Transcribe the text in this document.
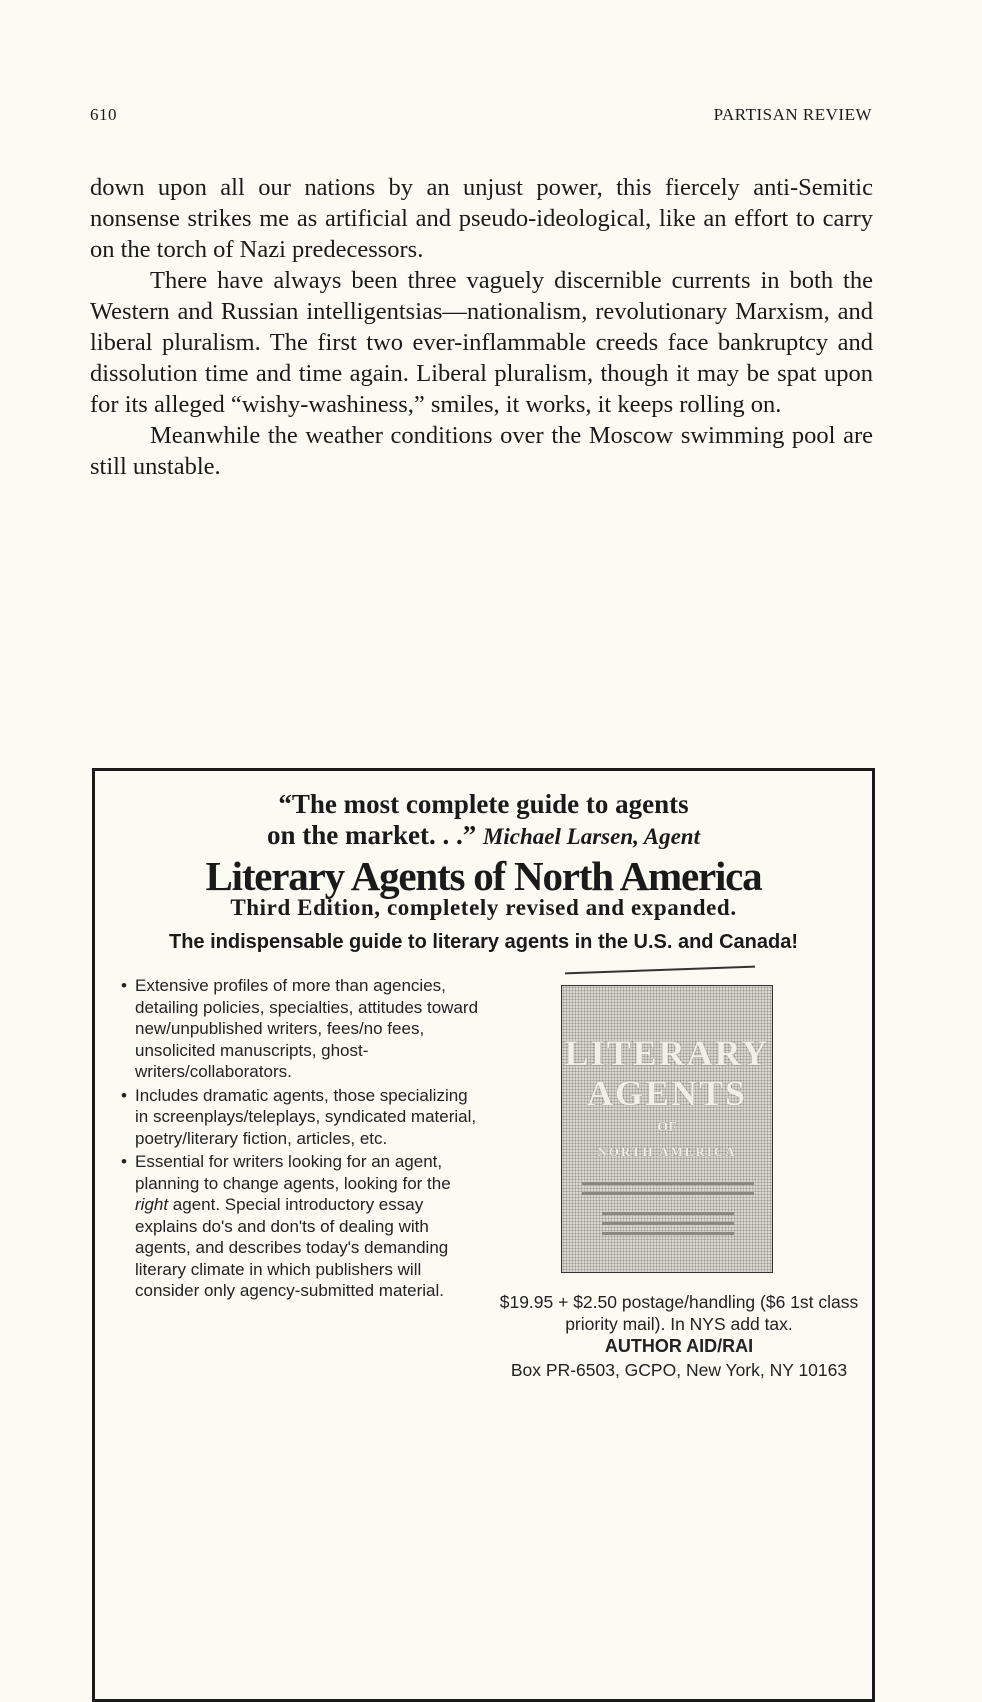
610	PARTISAN REVIEW

down upon all our nations by an unjust power, this fiercely anti-Semitic nonsense strikes me as artificial and pseudo-ideological, like an effort to carry on the torch of Nazi predecessors.

There have always been three vaguely discernible currents in both the Western and Russian intelligentsias—nationalism, revolutionary Marxism, and liberal pluralism. The first two ever-inflammable creeds face bankruptcy and dissolution time and time again. Liberal pluralism, though it may be spat upon for its alleged “wishy-washiness,” smiles, it works, it keeps rolling on.

Meanwhile the weather conditions over the Moscow swimming pool are still unstable.

“The most complete guide to agents
on the market. . .” Michael Larsen, Agent
Literary Agents of North America
Third Edition, completely revised and expanded.
The indispensable guide to literary agents in the U.S. and Canada!
• Extensive profiles of more than agencies, detailing policies, specialties, attitudes toward new/unpublished writers, fees/no fees, unsolicited manuscripts, ghost-writers/collaborators.
• Includes dramatic agents, those specializing in screenplays/teleplays, syndicated material, poetry/literary fiction, articles, etc.
• Essential for writers looking for an agent, planning to change agents, looking for the right agent. Special introductory essay explains do's and don'ts of dealing with agents, and describes today's demanding literary climate in which publishers will consider only agency-submitted material.
LITERARY
AGENTS
OF
NORTH AMERICA
$19.95 + $2.50 postage/handling ($6 1st class priority mail). In NYS add tax.
AUTHOR AID/RAI
Box PR-6503, GCPO, New York, NY 10163
